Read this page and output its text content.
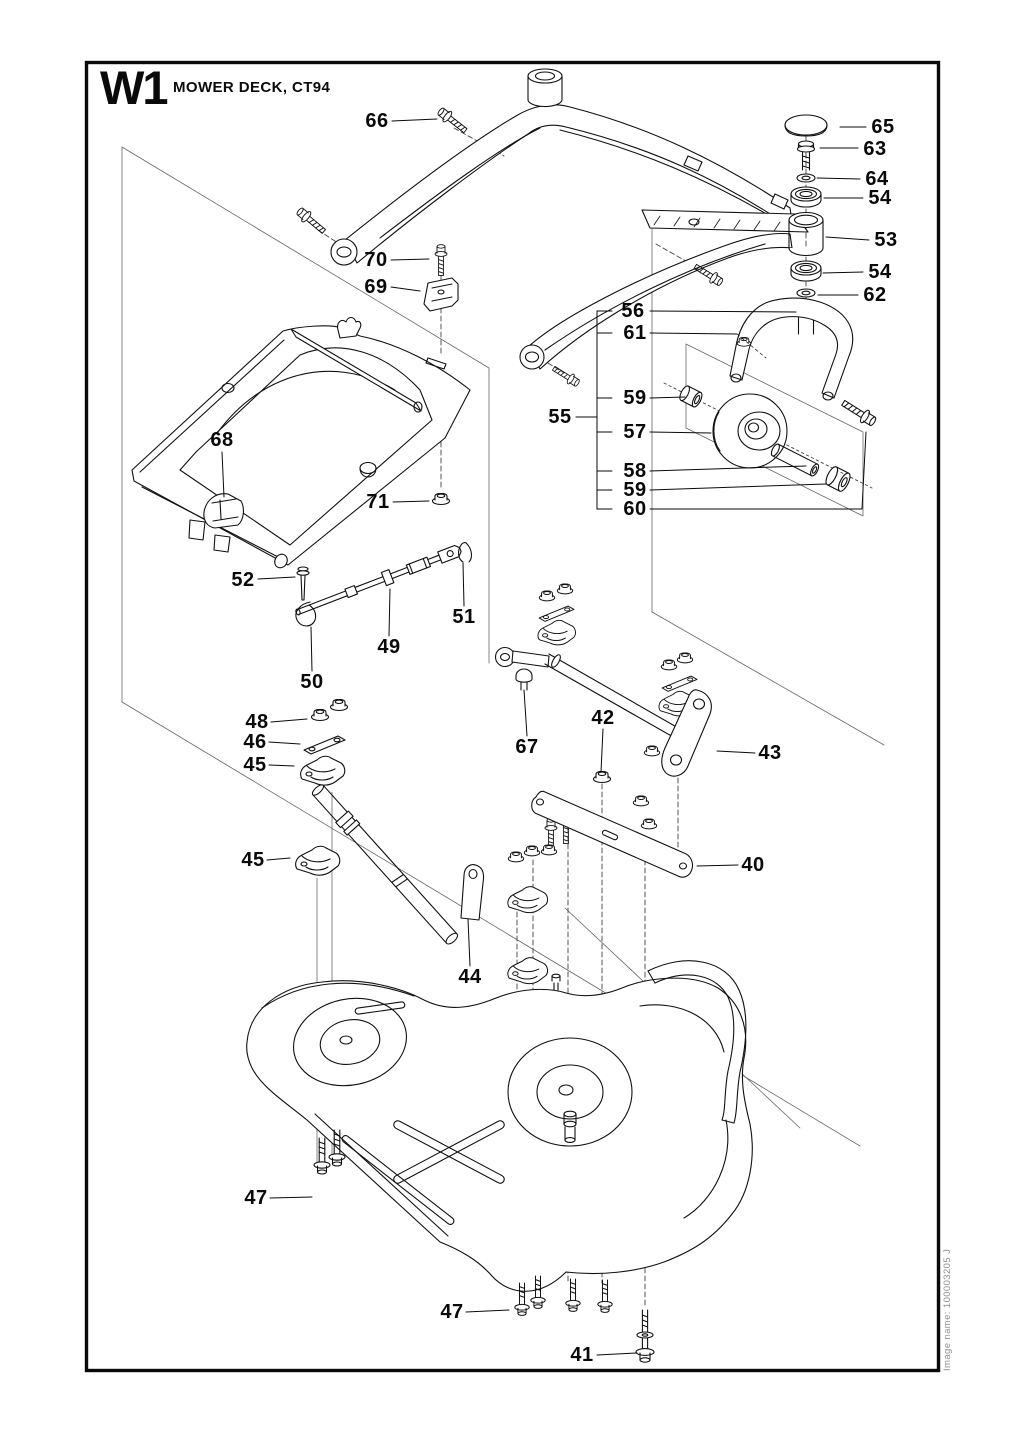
W1 MOWER DECK, CT94
66	65
63
64
54
53
54
62
70
69
68
71
56
61
59
57
58
59
60
55
52
49
50
51
48
46
45
45
67
42
43
40
44
47
47
41	Image name: 100003205 J
